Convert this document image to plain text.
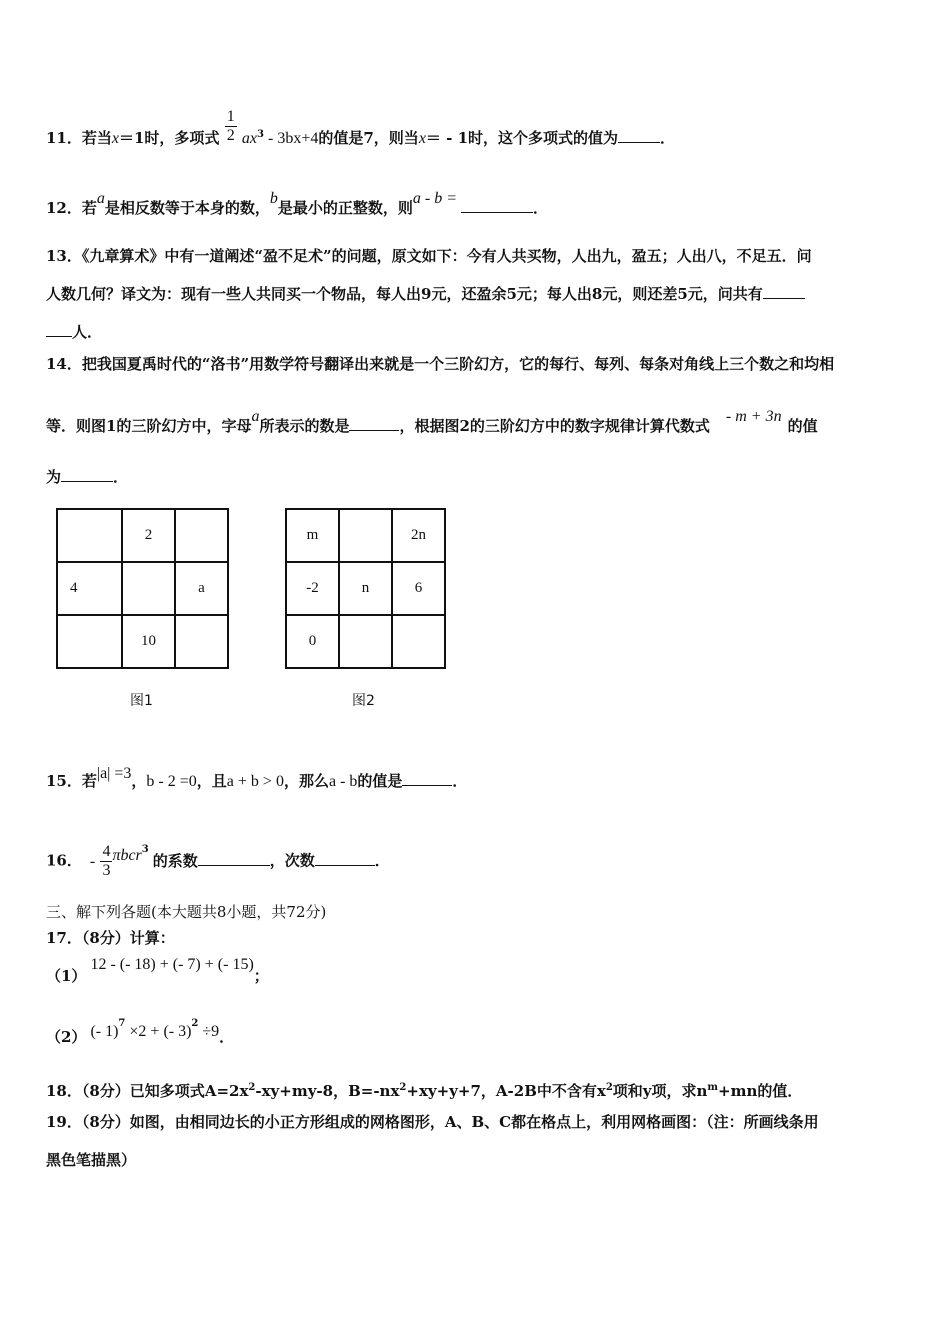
11．若当x＝1时，多项式 $\frac{1}{2} ax^3 - 3bx+4$的值是7，则当x＝ - 1时，这个多项式的值为	．
12．若a是相反数等于本身的数，b是最小的正整数，则a - b =．
13．《九章算术》中有一道阐述“盈不足术”的问题，原文如下：今有人共买物，人出九，盈五；人出八，不足五．问
人数几何？译文为：现有一些人共同买一个物品，每人出9元，还盈余5元；每人出8元，则还差5元，问共有
人．
14．把我国夏禹时代的“洛书”用数学符号翻译出来就是一个三阶幻方，它的每行、每列、每条对角线上三个数之和均相
等．则图1的三阶幻方中，字母a所表示的数是	，根据图2的三阶幻方中的数字规律计算代数式- m + 3n的值
为	．
	2	
4		a
	10	
图1
m		2n
-2	n	6
0		
图2
15．若|a| =3，b - 2 =0，且a + b > 0，那么a - b的值是	．
16． - $\frac{4}{3} \pi bcr^3$的系数	，次数	．
三、解下列各题(本大题共8小题，共72分)
17．（8分）计算：
（1）12 - (- 18) + (- 7) + (- 15)；
（2） (- 1)$^7$ ×2 + (- 3)$^2$ ÷9．
18．（8分）已知多项式$A=2x^2-xy+my-8$，$B=-nx^2+xy+y+7$，A-2B中不含有$x^2$项和y项，求$n^m+mn$的值．
19．（8分）如图，由相同边长的小正方形组成的网格图形，A、B、C都在格点上，利用网格画图：（注：所画线条用
黑色笔描黑）
